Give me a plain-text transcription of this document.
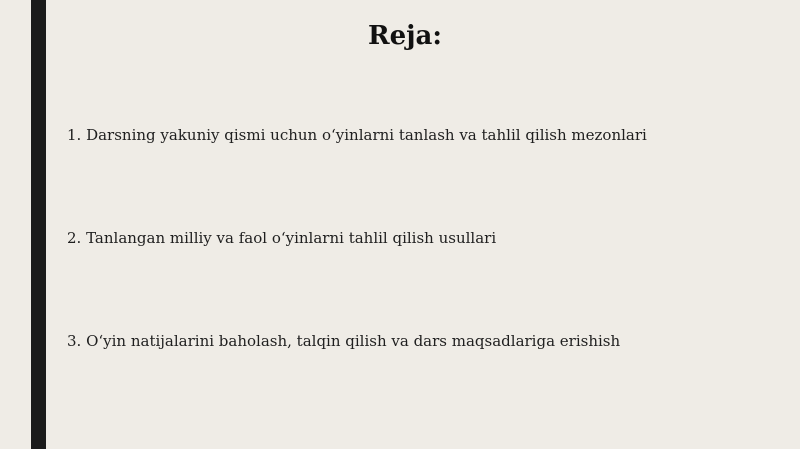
Reja:
1. Darsning yakuniy qismi uchun o‘yinlarni tanlash va tahlil qilish mezonlari
2. Tanlangan milliy va faol o‘yinlarni tahlil qilish usullari
3. O‘yin natijalarini baholash, talqin qilish va dars maqsadlariga erishish
